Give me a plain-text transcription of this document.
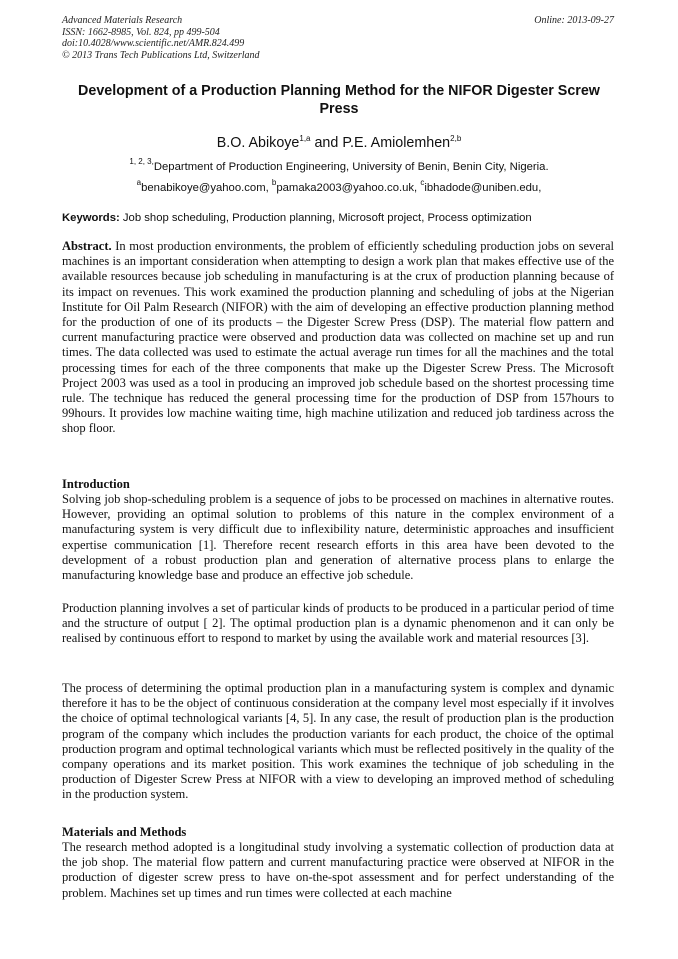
Advanced Materials Research
ISSN: 1662-8985, Vol. 824, pp 499-504
doi:10.4028/www.scientific.net/AMR.824.499
© 2013 Trans Tech Publications Ltd, Switzerland
Online: 2013-09-27
Development of a Production Planning Method for the NIFOR Digester Screw Press
B.O. Abikoye$^{1,a}$ and P.E. Amiolemhen$^{2,b}$
$^{1, 2, 3,}$Department of Production Engineering, University of Benin, Benin City, Nigeria.
$^a$benabikoye@yahoo.com, $^b$pamaka2003@yahoo.co.uk, $^c$ibhadode@uniben.edu,
Keywords: Job shop scheduling, Production planning, Microsoft project, Process optimization

Abstract. In most production environments, the problem of efficiently scheduling production jobs on several machines is an important consideration when attempting to design a work plan that makes effective use of the available resources because job scheduling in manufacturing is at the crux of production planning because of its impact on revenues. This work examined the production planning and scheduling of jobs at the Nigerian Institute for Oil Palm Research (NIFOR) with the aim of developing an effective production planning method for the production of one of its products – the Digester Screw Press (DSP). The material flow pattern and current manufacturing practice were observed and production data was collected on machine set up and run times. The data collected was used to estimate the actual average run times for all the machines and the total processing times for each of the three components that make up the Digester Screw Press. The Microsoft Project 2003 was used as a tool in producing an improved job schedule based on the shortest processing time rule. The technique has reduced the general processing time for the production of DSP from 157hours to 99hours. It provides low machine waiting time, high machine utilization and reduced job tardiness across the shop floor.

Introduction

Solving job shop-scheduling problem is a sequence of jobs to be processed on machines in alternative routes. However, providing an optimal solution to problems of this nature in the complex environment of a manufacturing system is very difficult due to inflexibility nature, deterministic approaches and insufficient expertise communication [1]. Therefore recent research efforts in this area have been devoted to the development of a robust production plan and generation of alternative process plans to enlarge the manufacturing knowledge base and produce an effective job schedule.

Production planning involves a set of particular kinds of products to be produced in a particular period of time and the structure of output [ 2]. The optimal production plan is a dynamic phenomenon and it can only be realised by continuous effort to respond to market by using the available work and material resources [3].

The process of determining the optimal production plan in a manufacturing system is complex and dynamic therefore it has to be the object of continuous consideration at the company level most especially if it involves the choice of optimal technological variants [4, 5]. In any case, the result of production plan is the production program of the company which includes the production variants for each product, the choice of the optimal production program and optimal technological variants which must be reflected positively in the quality of the company operations and its market position. This work examines the technique of job scheduling in the production of Digester Screw Press at NIFOR with a view to developing an improved method of scheduling in the production system.

Materials and Methods

The research method adopted is a longitudinal study involving a systematic collection of production data at the job shop. The material flow pattern and current manufacturing practice were observed at NIFOR in the production of digester screw press to have on-the-spot assessment and for perfect understanding of the problem. Machines set up times and run times were collected at each machine
